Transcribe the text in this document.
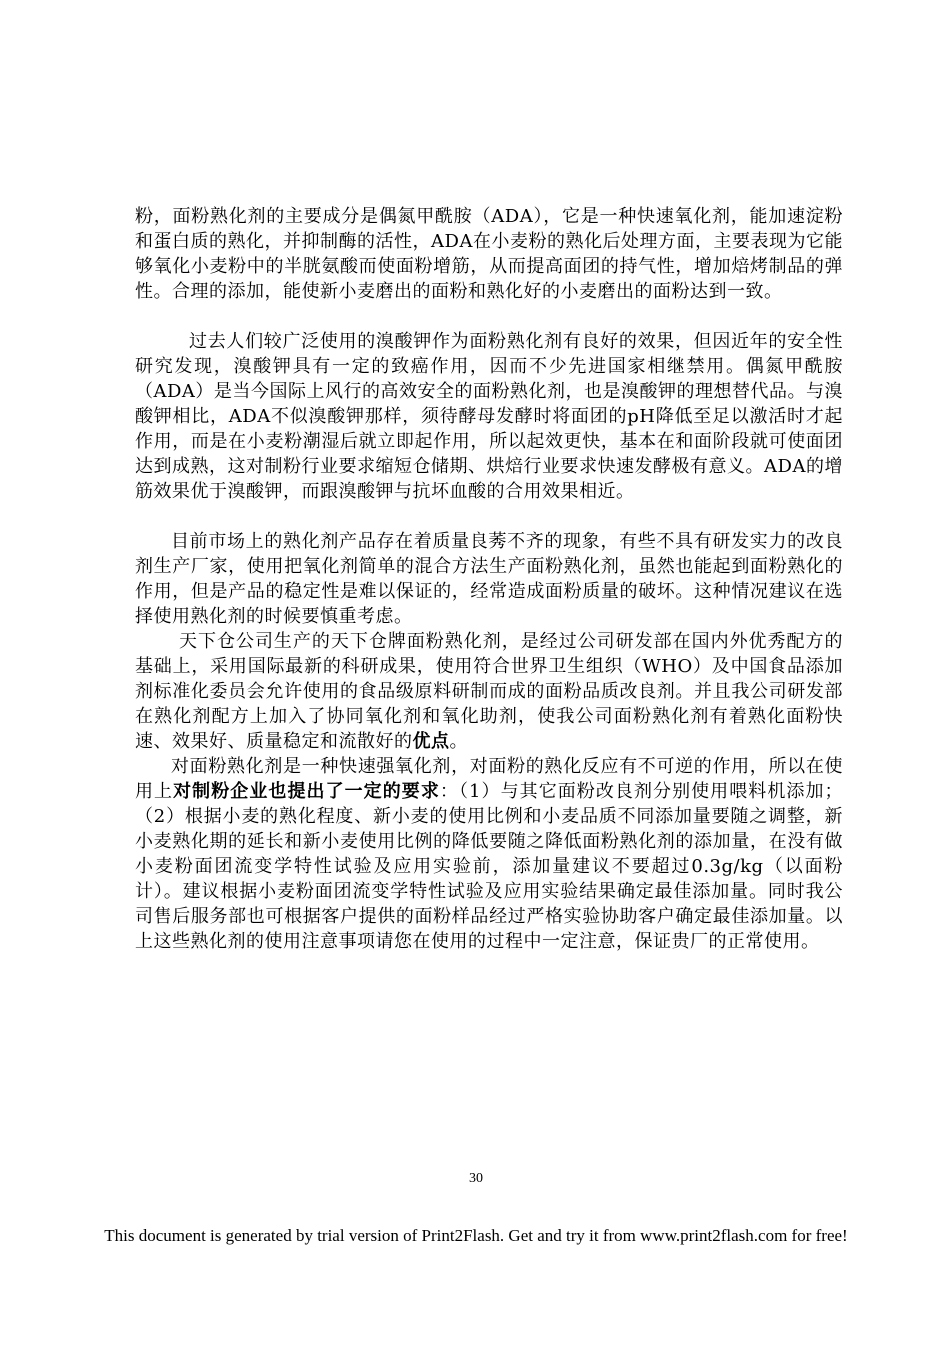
粉，面粉熟化剂的主要成分是偶氮甲酰胺（ADA），它是一种快速氧化剂，能加速淀粉和蛋白质的熟化，并抑制酶的活性，ADA在小麦粉的熟化后处理方面，主要表现为它能够氧化小麦粉中的半胱氨酸而使面粉增筋，从而提高面团的持气性，增加焙烤制品的弹性。合理的添加，能使新小麦磨出的面粉和熟化好的小麦磨出的面粉达到一致。

过去人们较广泛使用的溴酸钾作为面粉熟化剂有良好的效果，但因近年的安全性研究发现，溴酸钾具有一定的致癌作用，因而不少先进国家相继禁用。偶氮甲酰胺（ADA）是当今国际上风行的高效安全的面粉熟化剂，也是溴酸钾的理想替代品。与溴酸钾相比，ADA不似溴酸钾那样，须待酵母发酵时将面团的pH降低至足以激活时才起作用，而是在小麦粉潮湿后就立即起作用，所以起效更快，基本在和面阶段就可使面团达到成熟，这对制粉行业要求缩短仓储期、烘焙行业要求快速发酵极有意义。ADA的增筋效果优于溴酸钾，而跟溴酸钾与抗坏血酸的合用效果相近。

目前市场上的熟化剂产品存在着质量良莠不齐的现象，有些不具有研发实力的改良剂生产厂家，使用把氧化剂简单的混合方法生产面粉熟化剂，虽然也能起到面粉熟化的作用，但是产品的稳定性是难以保证的，经常造成面粉质量的破坏。这种情况建议在选择使用熟化剂的时候要慎重考虑。

天下仓公司生产的天下仓牌面粉熟化剂，是经过公司研发部在国内外优秀配方的基础上，采用国际最新的科研成果，使用符合世界卫生组织（WHO）及中国食品添加剂标准化委员会允许使用的食品级原料研制而成的面粉品质改良剂。并且我公司研发部在熟化剂配方上加入了协同氧化剂和氧化助剂，使我公司面粉熟化剂有着熟化面粉快速、效果好、质量稳定和流散好的优点。

对面粉熟化剂是一种快速强氧化剂，对面粉的熟化反应有不可逆的作用，所以在使用上对制粉企业也提出了一定的要求：（1）与其它面粉改良剂分别使用喂料机添加；（2）根据小麦的熟化程度、新小麦的使用比例和小麦品质不同添加量要随之调整，新小麦熟化期的延长和新小麦使用比例的降低要随之降低面粉熟化剂的添加量，在没有做小麦粉面团流变学特性试验及应用实验前，添加量建议不要超过0.3g/kg（以面粉计）。建议根据小麦粉面团流变学特性试验及应用实验结果确定最佳添加量。同时我公司售后服务部也可根据客户提供的面粉样品经过严格实验协助客户确定最佳添加量。以上这些熟化剂的使用注意事项请您在使用的过程中一定注意，保证贵厂的正常使用。

30
This document is generated by trial version of Print2Flash. Get and try it from www.print2flash.com for free!
